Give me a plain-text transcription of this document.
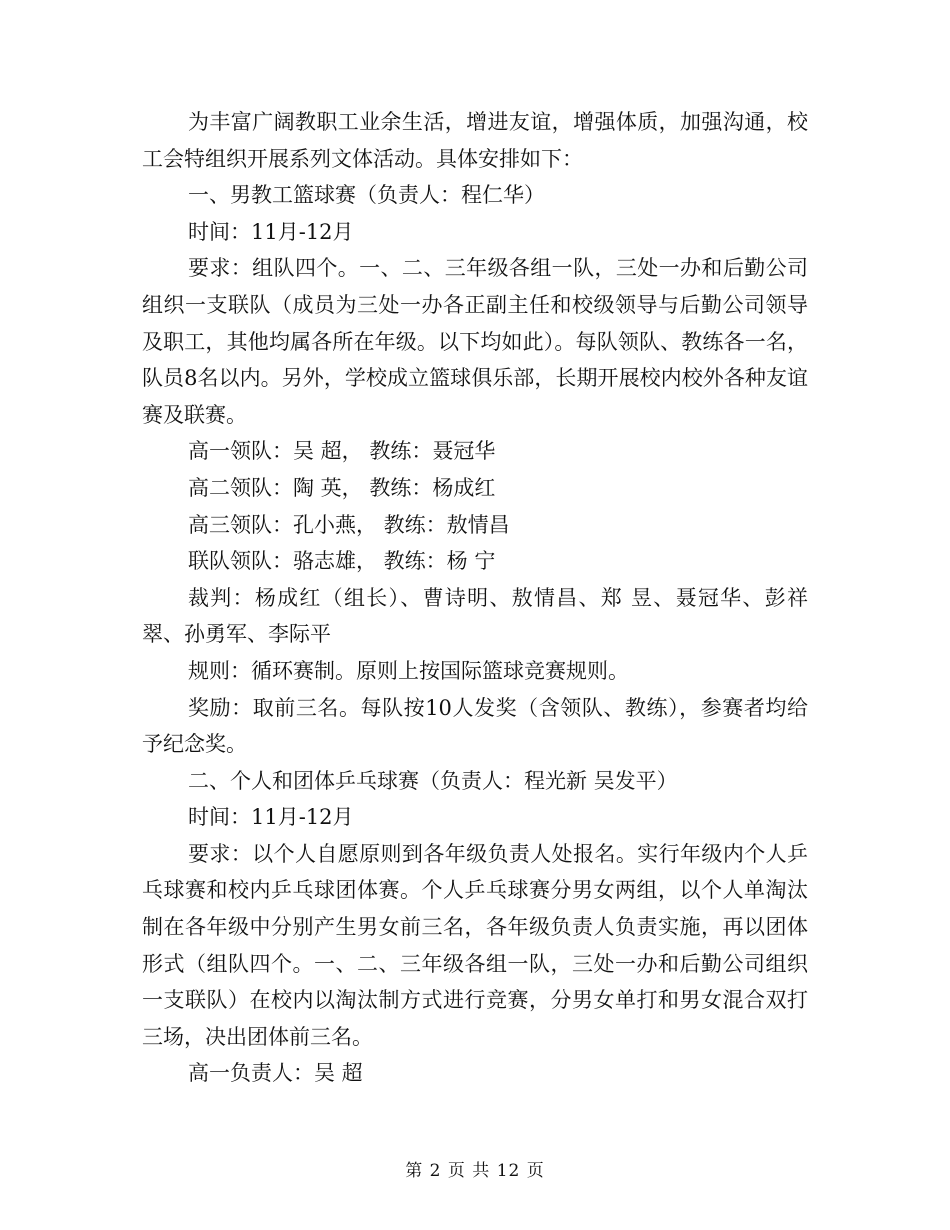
为丰富广阔教职工业余生活，增进友谊，增强体质，加强沟通，校工会特组织开展系列文体活动。具体安排如下：

一、男教工篮球赛（负责人：程仁华）

时间：11月-12月

要求：组队四个。一、二、三年级各组一队，三处一办和后勤公司组织一支联队（成员为三处一办各正副主任和校级领导与后勤公司领导及职工，其他均属各所在年级。以下均如此）。每队领队、教练各一名，队员8名以内。另外，学校成立篮球俱乐部，长期开展校内校外各种友谊赛及联赛。

高一领队：吴 超， 教练：聂冠华

高二领队：陶 英， 教练：杨成红

高三领队：孔小燕， 教练：敖情昌

联队领队：骆志雄， 教练：杨 宁

裁判：杨成红（组长）、曹诗明、敖情昌、郑 昱、聂冠华、彭祥翠、孙勇军、李际平

规则：循环赛制。原则上按国际篮球竞赛规则。

奖励：取前三名。每队按10人发奖（含领队、教练），参赛者均给予纪念奖。

二、个人和团体乒乓球赛（负责人：程光新 吴发平）

时间：11月-12月

要求：以个人自愿原则到各年级负责人处报名。实行年级内个人乒乓球赛和校内乒乓球团体赛。个人乒乓球赛分男女两组，以个人单淘汰制在各年级中分别产生男女前三名，各年级负责人负责实施，再以团体形式（组队四个。一、二、三年级各组一队，三处一办和后勤公司组织一支联队）在校内以淘汰制方式进行竞赛，分男女单打和男女混合双打三场，决出团体前三名。

高一负责人：吴 超

第 2 页 共 12 页
